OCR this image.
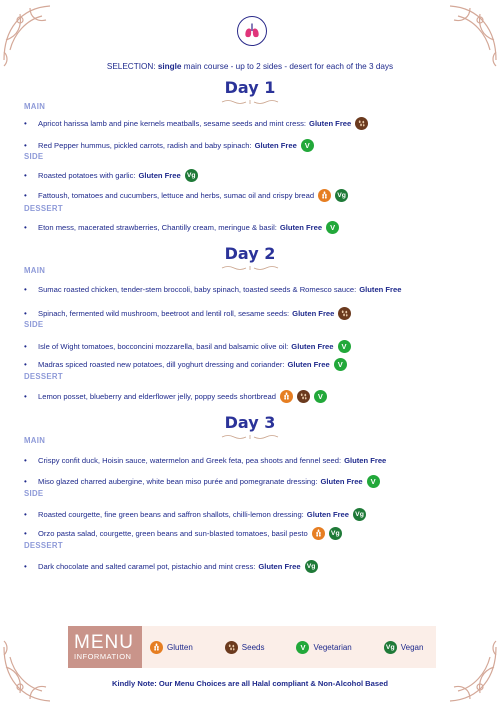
SELECTION: single main course - up to 2 sides - desert for each of the 3 days
Day 1
MAIN
•	Apricot harissa lamb and pine kernels meatballs, sesame seeds and mint cress: Gluten Free
•	Red Pepper hummus, pickled carrots, radish and baby spinach: Gluten Free	V
SIDE
•	Roasted potatoes with garlic: Gluten Free Vg
•	Fattoush, tomatoes and cucumbers, lettuce and herbs, sumac oil and crispy bread	Vg
DESSERT
•	Eton mess, macerated strawberries, Chantilly cream, meringue & basil: Gluten Free	V
Day 2
MAIN
•	Sumac roasted chicken, tender-stem broccoli, baby spinach, toasted seeds & Romesco sauce: Gluten Free
•	Spinach, fermented wild mushroom, beetroot and lentil roll, sesame seeds: Gluten Free
SIDE
•	Isle of Wight tomatoes, bocconcini mozzarella, basil and balsamic olive oil: Gluten Free	V
•	Madras spiced roasted new potatoes, dill yoghurt dressing and coriander: Gluten Free	V
DESSERT
•	Lemon posset, blueberry and elderflower jelly, poppy seeds shortbread	V
Day 3
MAIN
•	Crispy confit duck, Hoisin sauce, watermelon and Greek feta, pea shoots and fennel seed: Gluten Free
•	Miso glazed charred aubergine, white bean miso purée and pomegranate dressing: Gluten Free	V
SIDE
•	Roasted courgette, fine green beans and saffron shallots, chilli-lemon dressing: Gluten Free Vg
•	Orzo pasta salad, courgette, green beans and sun-blasted tomatoes, basil pesto	Vg
DESSERT
•	Dark chocolate and salted caramel pot, pistachio and mint cress: Gluten Free Vg
MENU
INFORMATION
Glutten	Seeds	V	Vegetarian	Vg Vegan
Kindly Note: Our Menu Choices are all Halal compliant & Non-Alcohol Based
